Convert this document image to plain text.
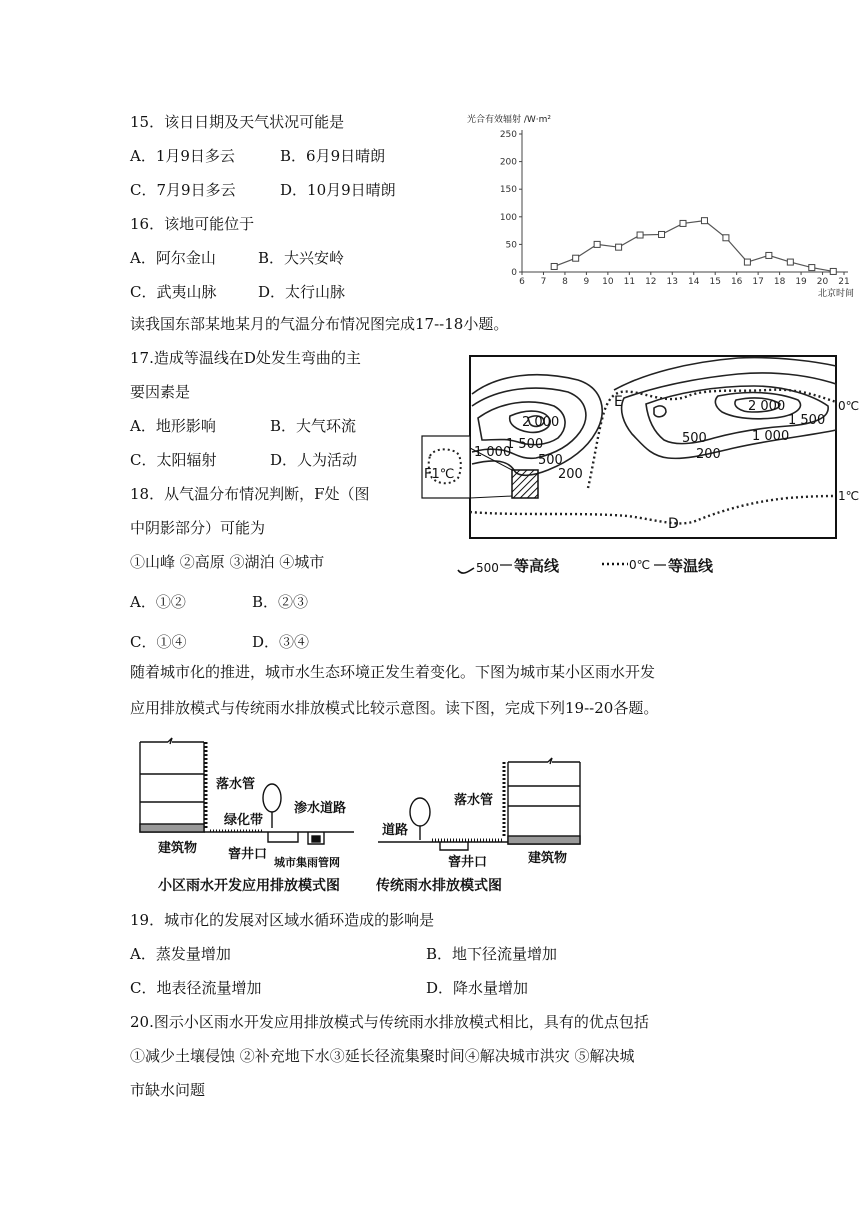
15．该日日期及天气状况可能是
A．1月9日多云	B．6月9日晴朗
C．7月9日多云	D．10月9日晴朗
16．该地可能位于
A．阿尔金山	B．大兴安岭
C．武夷山脉	D．太行山脉
光合有效辐射 /W·m²
0
50
100
150
200
250
6 7 8 9 10 11 12 13 14 15 16 17 18 19 20 21
北京时间
读我国东部某地某月的气温分布情况图完成17--18小题。
17.造成等温线在D处发生弯曲的主
要因素是
A．地形影响	B．大气环流
C．太阳辐射	D．人为活动
18．从气温分布情况判断，F处（图
中阴影部分）可能为
①山峰 ②高原 ③湖泊 ④城市
A．①②	B．②③
C．①④	D．③④
2 000
1 500
1 000
500
200
2 000
1 500
1 000
500
200
E
D
F1℃
0℃
1℃
500 等高线	0℃ 等温线
随着城市化的推进，城市水生态环境正发生着变化。下图为城市某小区雨水开发
应用排放模式与传统雨水排放模式比较示意图。读下图，完成下列19--20各题。
落水管
绿化带
渗水道路
建筑物 窨井口
城市集雨管网
小区雨水开发应用排放模式图
落水管
道路
建筑物
窨井口
传统雨水排放模式图
19．城市化的发展对区域水循环造成的影响是
A．蒸发量增加	B．地下径流量增加
C．地表径流量增加	D．降水量增加
20.图示小区雨水开发应用排放模式与传统雨水排放模式相比，具有的优点包括
①减少土壤侵蚀 ②补充地下水③延长径流集聚时间④解决城市洪灾 ⑤解决城
市缺水问题
